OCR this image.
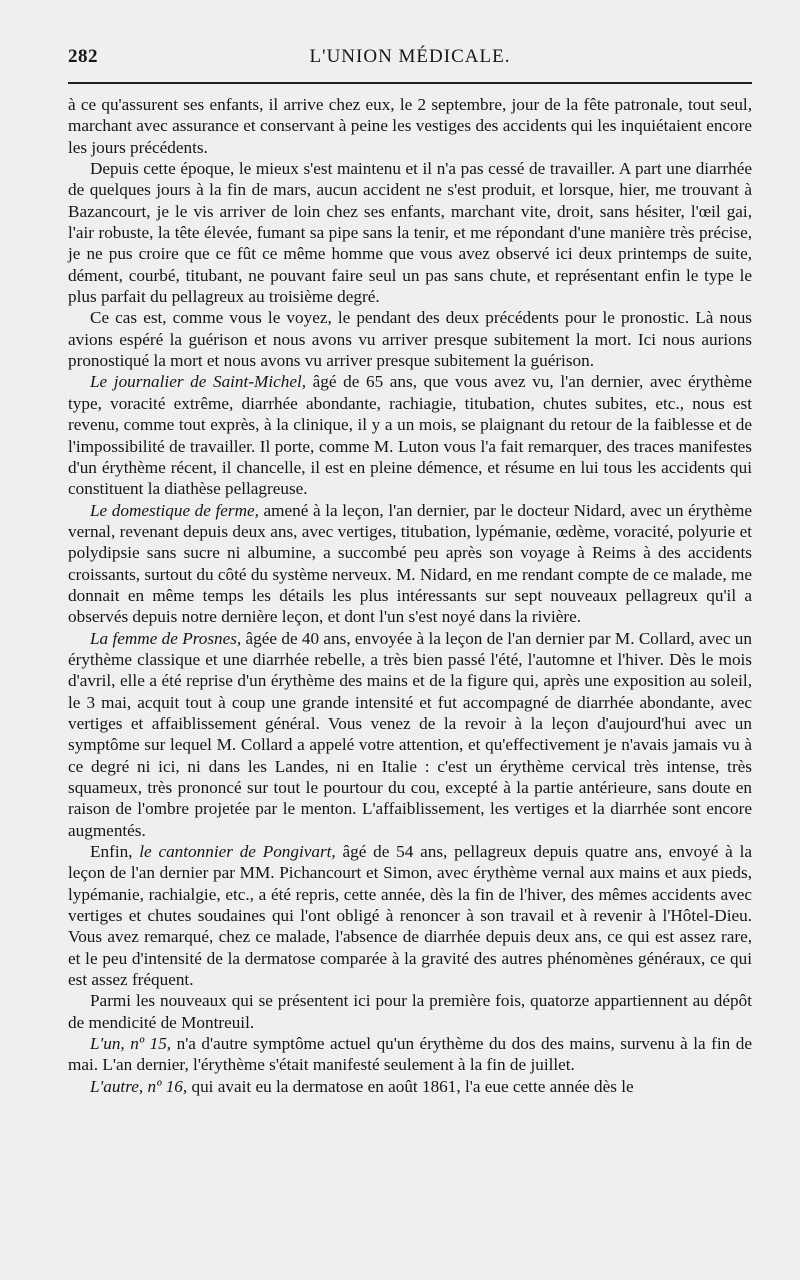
282	L'UNION MÉDICALE.

à ce qu'assurent ses enfants, il arrive chez eux, le 2 septembre, jour de la fête patronale, tout seul, marchant avec assurance et conservant à peine les vestiges des accidents qui les inquiétaient encore les jours précédents.

Depuis cette époque, le mieux s'est maintenu et il n'a pas cessé de travailler. A part une diarrhée de quelques jours à la fin de mars, aucun accident ne s'est produit, et lorsque, hier, me trouvant à Bazancourt, je le vis arriver de loin chez ses enfants, marchant vite, droit, sans hésiter, l'œil gai, l'air robuste, la tête élevée, fumant sa pipe sans la tenir, et me répondant d'une manière très précise, je ne pus croire que ce fût ce même homme que vous avez observé ici deux printemps de suite, dément, courbé, titubant, ne pouvant faire seul un pas sans chute, et représentant enfin le type le plus parfait du pellagreux au troisième degré.

Ce cas est, comme vous le voyez, le pendant des deux précédents pour le pronostic. Là nous avions espéré la guérison et nous avons vu arriver presque subitement la mort. Ici nous aurions pronostiqué la mort et nous avons vu arriver presque subitement la guérison.

Le journalier de Saint-Michel, âgé de 65 ans, que vous avez vu, l'an dernier, avec érythème type, voracité extrême, diarrhée abondante, rachiagie, titubation, chutes subites, etc., nous est revenu, comme tout exprès, à la clinique, il y a un mois, se plaignant du retour de la faiblesse et de l'impossibilité de travailler. Il porte, comme M. Luton vous l'a fait remarquer, des traces manifestes d'un érythème récent, il chancelle, il est en pleine démence, et résume en lui tous les accidents qui constituent la diathèse pellagreuse.

Le domestique de ferme, amené à la leçon, l'an dernier, par le docteur Nidard, avec un érythème vernal, revenant depuis deux ans, avec vertiges, titubation, lypémanie, œdème, voracité, polyurie et polydipsie sans sucre ni albumine, a succombé peu après son voyage à Reims à des accidents croissants, surtout du côté du système nerveux. M. Nidard, en me rendant compte de ce malade, me donnait en même temps les détails les plus intéressants sur sept nouveaux pellagreux qu'il a observés depuis notre dernière leçon, et dont l'un s'est noyé dans la rivière.

La femme de Prosnes, âgée de 40 ans, envoyée à la leçon de l'an dernier par M. Collard, avec un érythème classique et une diarrhée rebelle, a très bien passé l'été, l'automne et l'hiver. Dès le mois d'avril, elle a été reprise d'un érythème des mains et de la figure qui, après une exposition au soleil, le 3 mai, acquit tout à coup une grande intensité et fut accompagné de diarrhée abondante, avec vertiges et affaiblissement général. Vous venez de la revoir à la leçon d'aujourd'hui avec un symptôme sur lequel M. Collard a appelé votre attention, et qu'effectivement je n'avais jamais vu à ce degré ni ici, ni dans les Landes, ni en Italie : c'est un érythème cervical très intense, très squameux, très prononcé sur tout le pourtour du cou, excepté à la partie antérieure, sans doute en raison de l'ombre projetée par le menton. L'affaiblissement, les vertiges et la diarrhée sont encore augmentés.

Enfin, le cantonnier de Pongivart, âgé de 54 ans, pellagreux depuis quatre ans, envoyé à la leçon de l'an dernier par MM. Pichancourt et Simon, avec érythème vernal aux mains et aux pieds, lypémanie, rachialgie, etc., a été repris, cette année, dès la fin de l'hiver, des mêmes accidents avec vertiges et chutes soudaines qui l'ont obligé à renoncer à son travail et à revenir à l'Hôtel-Dieu. Vous avez remarqué, chez ce malade, l'absence de diarrhée depuis deux ans, ce qui est assez rare, et le peu d'intensité de la dermatose comparée à la gravité des autres phénomènes généraux, ce qui est assez fréquent.

Parmi les nouveaux qui se présentent ici pour la première fois, quatorze appartiennent au dépôt de mendicité de Montreuil.

L'un, nº 15, n'a d'autre symptôme actuel qu'un érythème du dos des mains, survenu à la fin de mai. L'an dernier, l'érythème s'était manifesté seulement à la fin de juillet.

L'autre, nº 16, qui avait eu la dermatose en août 1861, l'a eue cette année dès le
